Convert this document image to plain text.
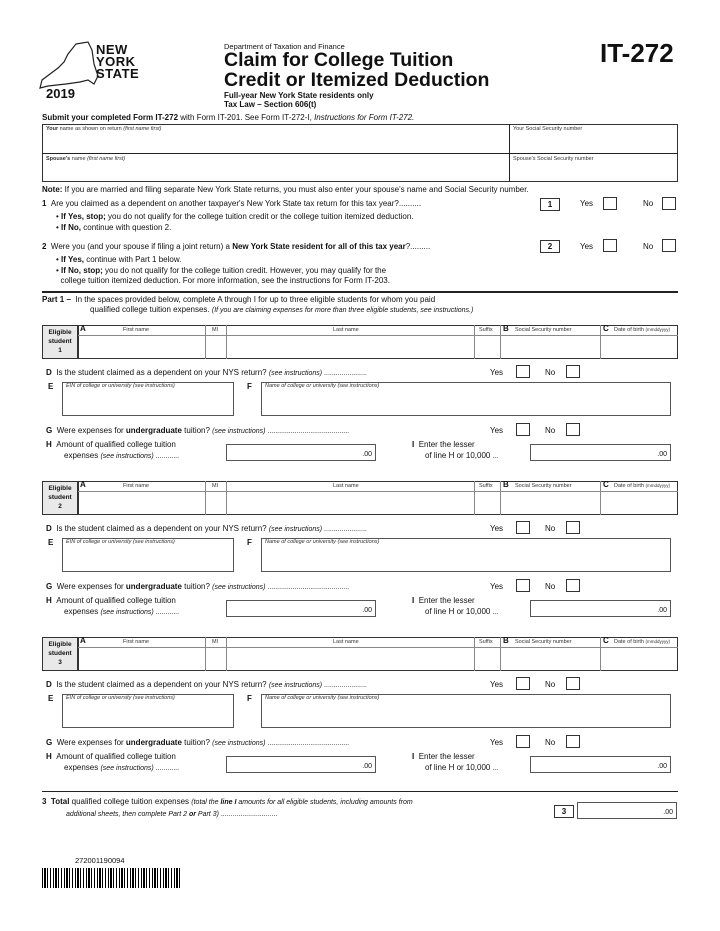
NEW
YORK
STATE
2019
Department of Taxation and Finance
Claim for College Tuition
Credit or Itemized Deduction
Full-year New York State residents only
Tax Law – Section 606(t)
IT-272
Submit your completed Form IT-272 with Form IT-201. See Form IT-272-I, Instructions for Form IT-272.
Your name as shown on return (first name first)	Your Social Security number
Spouse's name (first name first)	Spouse's Social Security number
Note: If you are married and filing separate New York State returns, you must also enter your spouse's name and Social Security number.
1 Are you claimed as a dependent on another taxpayer's New York State tax return for this tax year?..........	1	Yes	No
• If Yes, stop; you do not qualify for the college tuition credit or the college tuition itemized deduction.
• If No, continue with question 2.
2 Were you (and your spouse if filing a joint return) a New York State resident for all of this tax year?.........	2	Yes	No
• If Yes, continue with Part 1 below.
• If No, stop; you do not qualify for the college tuition credit. However, you may qualify for the
college tuition itemized deduction. For more information, see the instructions for Form IT-203.
Part 1 – In the spaces provided below, complete A through I for up to three eligible students for whom you paid
qualified college tuition expenses. (If you are claiming expenses for more than three eligible students, see instructions.)
Eligible
student
1
A	First name	MI	Last name	Suffix B	Social Security number	C Date of birth (mmddyyyy)
D Is the student claimed as a dependent on your NYS return? (see instructions) ......................	Yes	No
E EIN of college or university (see instructions)	F Name of college or university (see instructions)
G Were expenses for undergraduate tuition? (see instructions) ..........................................	Yes	No
H Amount of qualified college tuition
expenses (see instructions) ............	.00
I Enter the lesser
of line H or 10,000 ...	.00
Eligible
student
2
A	First name	MI	Last name	Suffix B	Social Security number	C Date of birth (mmddyyyy)
D Is the student claimed as a dependent on your NYS return? (see instructions) ......................	Yes	No
E EIN of college or university (see instructions)	F Name of college or university (see instructions)
G Were expenses for undergraduate tuition? (see instructions) ..........................................	Yes	No
H Amount of qualified college tuition
expenses (see instructions) ............	.00
I Enter the lesser
of line H or 10,000 ...	.00
Eligible
student
3
A	First name	MI	Last name	Suffix B	Social Security number	C Date of birth (mmddyyyy)
D Is the student claimed as a dependent on your NYS return? (see instructions) ......................	Yes	No
E EIN of college or university (see instructions)	F Name of college or university (see instructions)
G Were expenses for undergraduate tuition? (see instructions) ..........................................	Yes	No
H Amount of qualified college tuition
expenses (see instructions) ............	.00
I Enter the lesser
of line H or 10,000 ...	.00
3 Total qualified college tuition expenses (total the line I amounts for all eligible students, including amounts from
additional sheets, then complete Part 2 or Part 3) .............................	3	.00
272001190094
